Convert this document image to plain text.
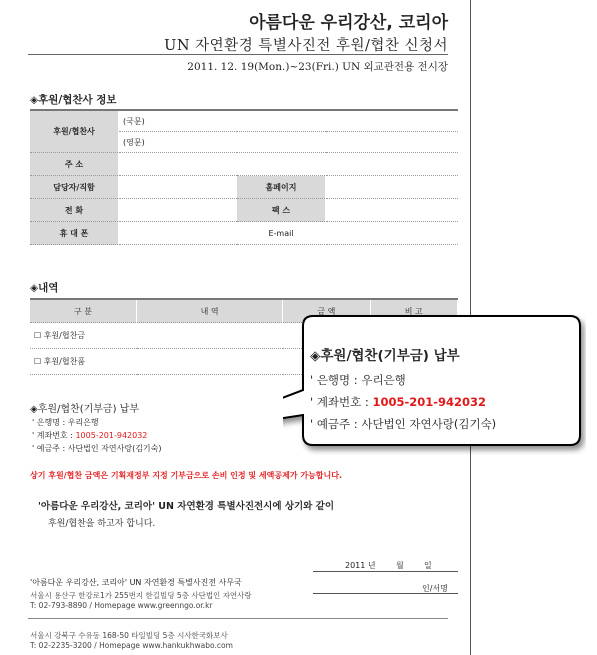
아름다운 우리강산, 코리아
UN 자연환경 특별사진전 후원/협찬 신청서
2011. 12. 19(Mon.)~23(Fri.) UN 외교관전용 전시장
◈후원/협찬사 정보
후원/협찬사	(국문)		
	(영문)		
주 소			
담당자/직함		홈페이지	
전 화		팩 스	
휴 대 폰		E-mail	
◈내역
구 분	내 역	금 액	비 고
☐ 후원/협찬금			
☐ 후원/협찬품			
◈후원/협찬(기부금) 납부
' 은행명 : 우리은행
' 계좌번호 : 1005-201-942032
' 예금주 : 사단법인 자연사랑(김기숙)
상기 후원/협찬 금액은 기획재정부 지정 기부금으로 손비 인정 및 세액공제가 가능합니다.
'아름다운 우리강산, 코리아' UN 자연환경 특별사진전시에 상기와 같이
후원/협찬을 하고자 합니다.
2011 년        월        일
인/서명
'아름다운 우리강산, 코리아' UN 자연환경 특별사진전 사무국
서울시 용산구 한강로1가 255번지 한길빌딩 5층 사단법인 자연사랑
T: 02-793-8890 / Homepage www.greenngo.or.kr
서울시 강북구 수유동 168-50 타일빌딩 5층 시사한국화보사
T: 02-2235-3200 / Homepage www.hankukhwabo.com
◈후원/협찬(기부금) 납부
' 은행명 : 우리은행
' 계좌번호 : 1005-201-942032
' 예금주 : 사단법인 자연사랑(김기숙)
